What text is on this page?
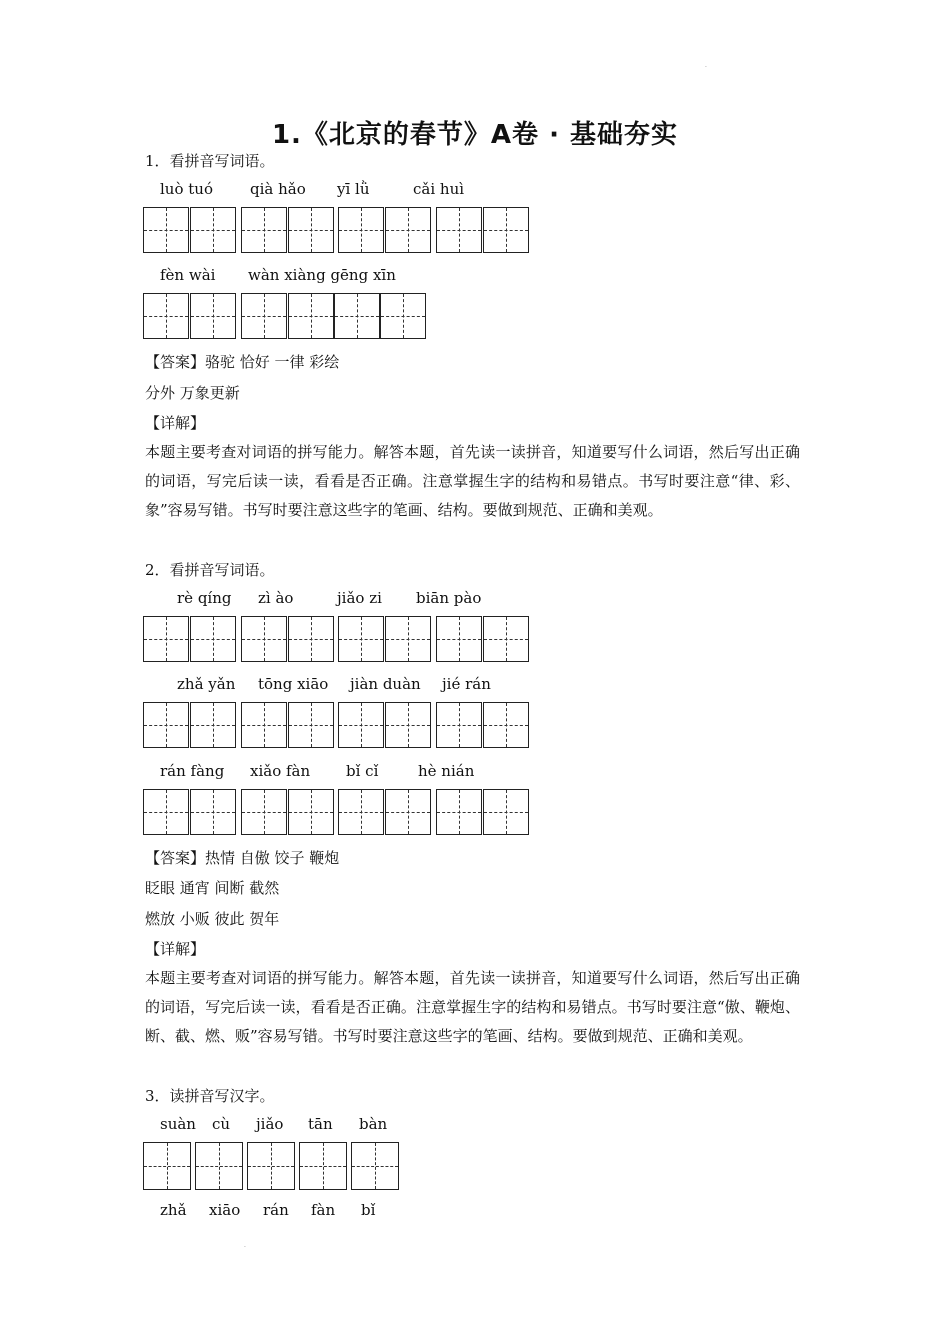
·
1.《北京的春节》A卷 · 基础夯实
1．看拼音写词语。
luò tuó qià hǎo yī lǜ	cǎi huì
fèn wài wàn xiàng gēng xīn
【答案】骆驼 恰好 一律 彩绘
分外 万象更新
【详解】
本题主要考查对词语的拼写能力。解答本题，首先读一读拼音，知道要写什么词语，然后写出正确的词语，写完后读一读，看看是否正确。注意掌握生字的结构和易错点。书写时要注意“律、彩、象”容易写错。书写时要注意这些字的笔画、结构。要做到规范、正确和美观。
2．看拼音写词语。
rè qíng zì ào	jiǎo zi biān pào
zhǎ yǎn tōng xiāo jiàn duàn jié rán
rán fàng xiǎo fàn bǐ cǐ	hè nián
【答案】热情 自傲 饺子 鞭炮
眨眼 通宵 间断 截然
燃放 小贩 彼此 贺年
【详解】
本题主要考查对词语的拼写能力。解答本题，首先读一读拼音，知道要写什么词语，然后写出正确的词语，写完后读一读，看看是否正确。注意掌握生字的结构和易错点。书写时要注意“傲、鞭炮、断、截、燃、贩”容易写错。书写时要注意这些字的笔画、结构。要做到规范、正确和美观。
3．读拼音写汉字。
suàn cù jiǎo tān bàn
zhǎ xiāo rán fàn bǐ
·
